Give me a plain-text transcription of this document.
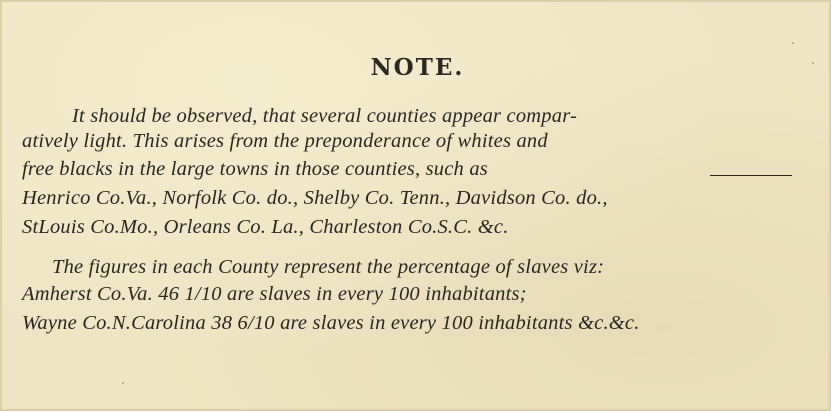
NOTE.
It should be observed, that several counties appear compar-
atively light. This arises from the preponderance of whites and
free blacks in the large towns in those counties, such as
Henrico Co.Va., Norfolk Co. do., Shelby Co. Tenn., Davidson Co. do.,
StLouis Co.Mo., Orleans Co. La., Charleston Co.S.C. &c.
The figures in each County represent the percentage of slaves viz:
Amherst Co.Va. 46 1/10 are slaves in every 100 inhabitants;
Wayne Co.N.Carolina 38 6/10 are slaves in every 100 inhabitants &c.&c.
